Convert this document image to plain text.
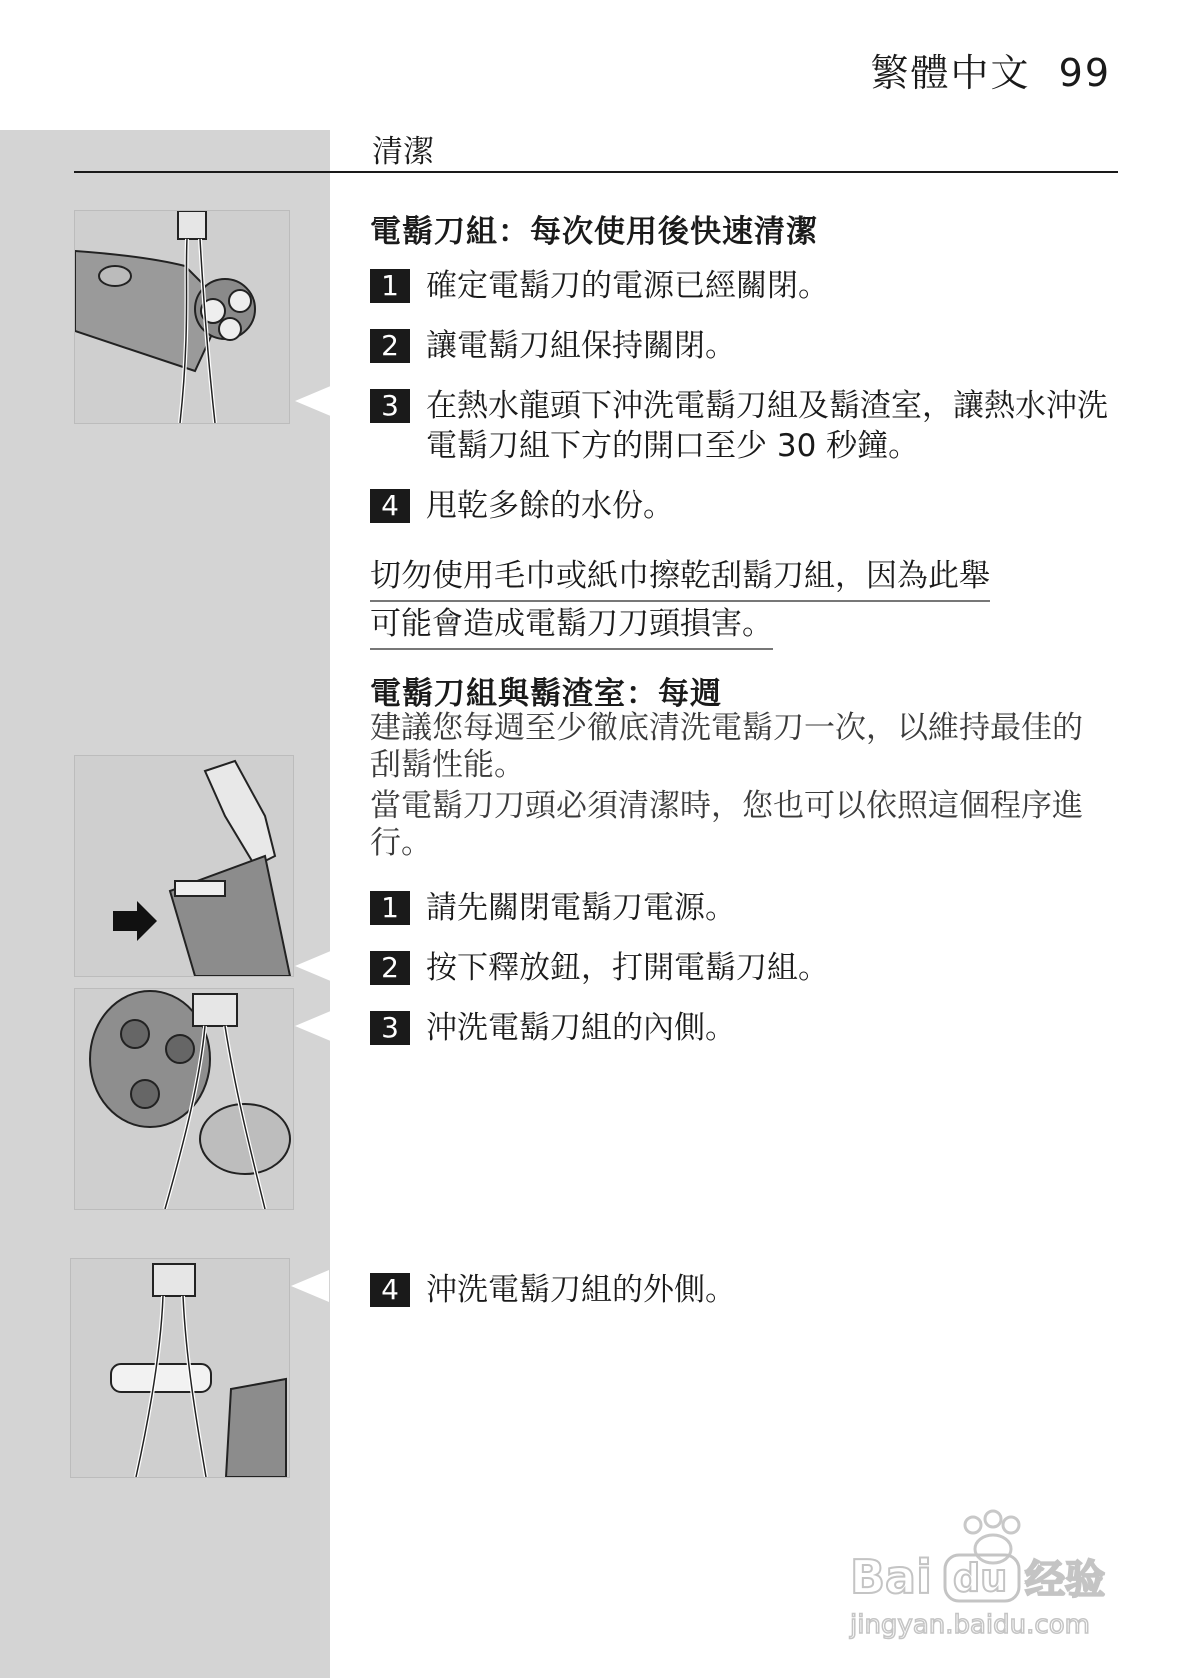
繁體中文 99
清潔
電鬍刀組：每次使用後快速清潔
1 確定電鬍刀的電源已經關閉。
2 讓電鬍刀組保持關閉。
3 在熱水龍頭下沖洗電鬍刀組及鬍渣室，讓熱水沖洗電鬍刀組下方的開口至少 30 秒鐘。
4 甩乾多餘的水份。
切勿使用毛巾或紙巾擦乾刮鬍刀組，因為此舉
可能會造成電鬍刀刀頭損害。
電鬍刀組與鬍渣室：每週
建議您每週至少徹底清洗電鬍刀一次，以維持最佳的刮鬍性能。
當電鬍刀刀頭必須清潔時，您也可以依照這個程序進行。
1 請先關閉電鬍刀電源。
2 按下釋放鈕，打開電鬍刀組。
3 沖洗電鬍刀組的內側。
4 沖洗電鬍刀組的外側。
Bai du 经验
jingyan.baidu.com
